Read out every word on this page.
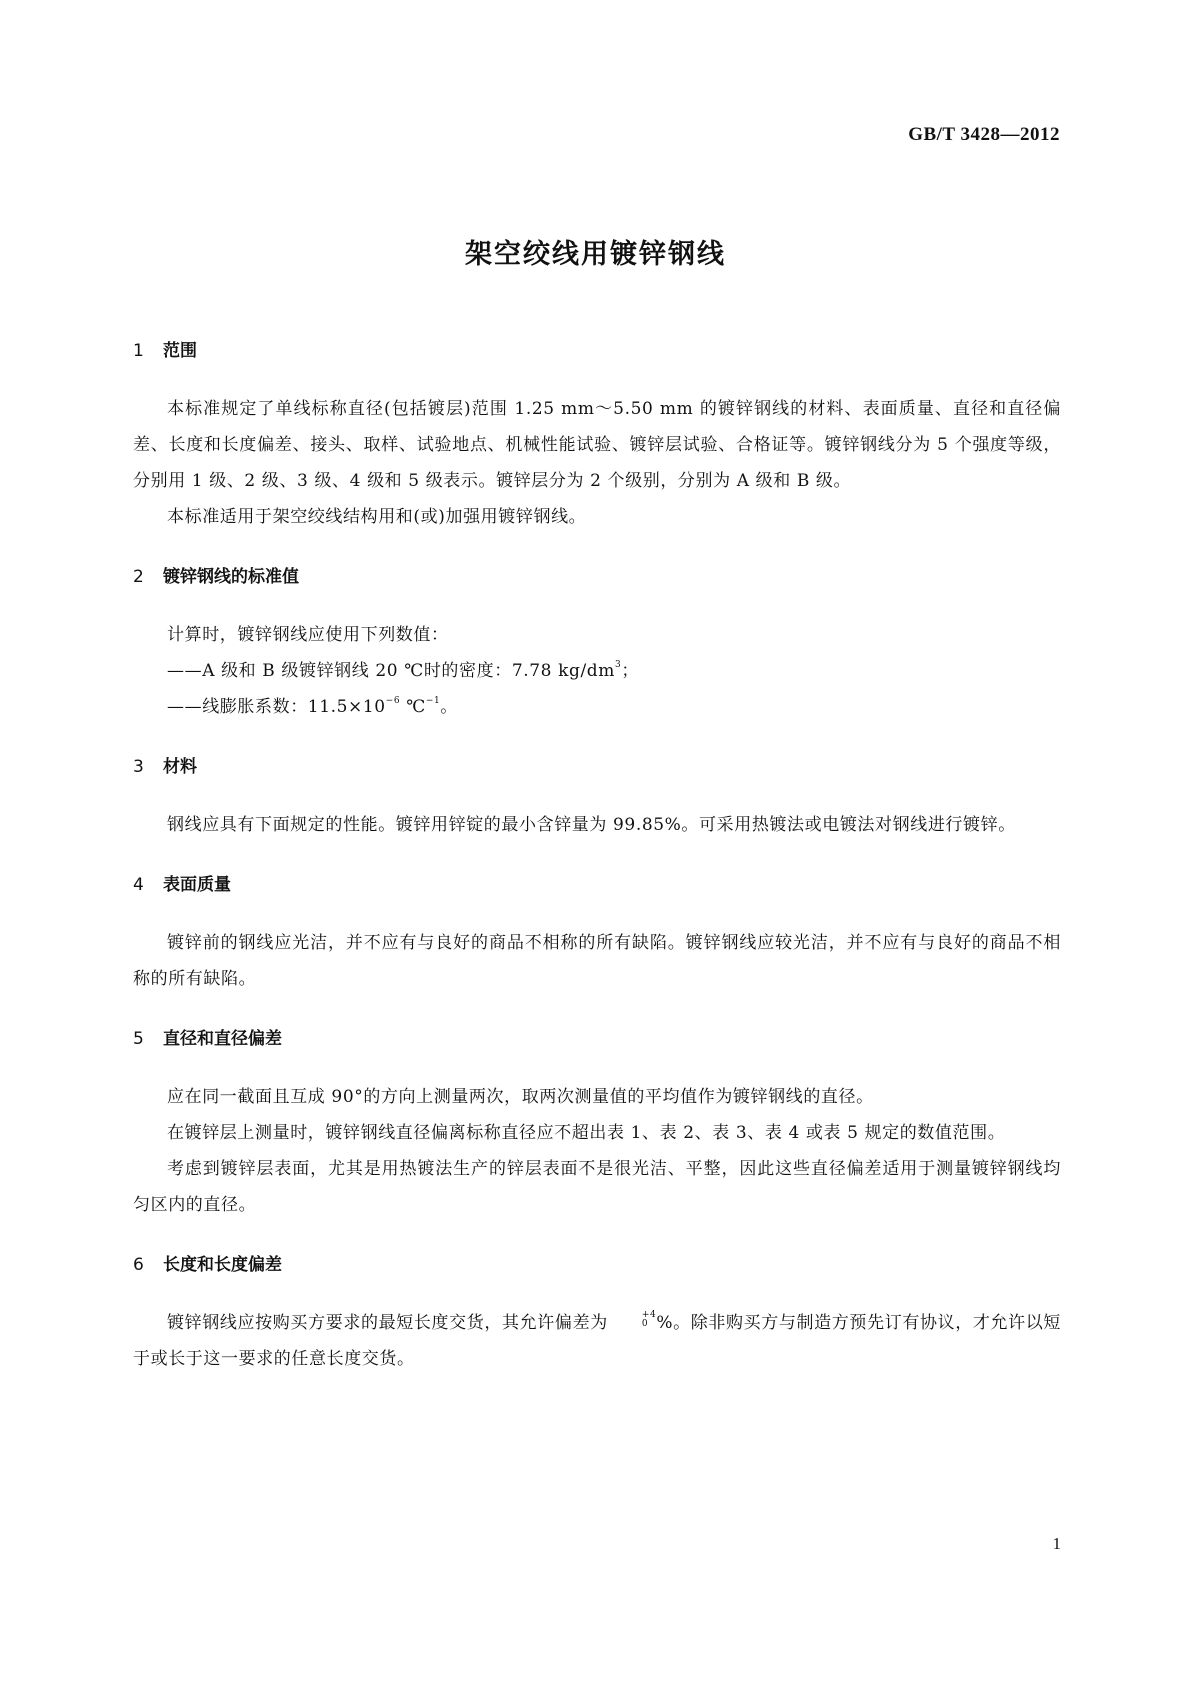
GB/T 3428—2012
架空绞线用镀锌钢线
1 范围

本标准规定了单线标称直径(包括镀层)范围 1.25 mm～5.50 mm 的镀锌钢线的材料、表面质量、直径和直径偏差、长度和长度偏差、接头、取样、试验地点、机械性能试验、镀锌层试验、合格证等。镀锌钢线分为 5 个强度等级，分别用 1 级、2 级、3 级、4 级和 5 级表示。镀锌层分为 2 个级别，分别为 A 级和 B 级。

本标准适用于架空绞线结构用和(或)加强用镀锌钢线。

2 镀锌钢线的标准值

计算时，镀锌钢线应使用下列数值：

——A 级和 B 级镀锌钢线 20 ℃时的密度：7.78 $kg/dm^3$；

——线膨胀系数：$11.5\times 10^{-6}$ ℃$^{-1}$。

3 材料

钢线应具有下面规定的性能。镀锌用锌锭的最小含锌量为 99.85%。可采用热镀法或电镀法对钢线进行镀锌。

4 表面质量

镀锌前的钢线应光洁，并不应有与良好的商品不相称的所有缺陷。镀锌钢线应较光洁，并不应有与良好的商品不相称的所有缺陷。

5 直径和直径偏差

应在同一截面且互成 90°的方向上测量两次，取两次测量值的平均值作为镀锌钢线的直径。

在镀锌层上测量时，镀锌钢线直径偏离标称直径应不超出表 1、表 2、表 3、表 4 或表 5 规定的数值范围。

考虑到镀锌层表面，尤其是用热镀法生产的锌层表面不是很光洁、平整，因此这些直径偏差适用于测量镀锌钢线均匀区内的直径。

6 长度和长度偏差

镀锌钢线应按购买方要求的最短长度交货，其允许偏差为	+4
0 %。除非购买方与制造方预先订有协议，才允许以短于或长于这一要求的任意长度交货。

1
